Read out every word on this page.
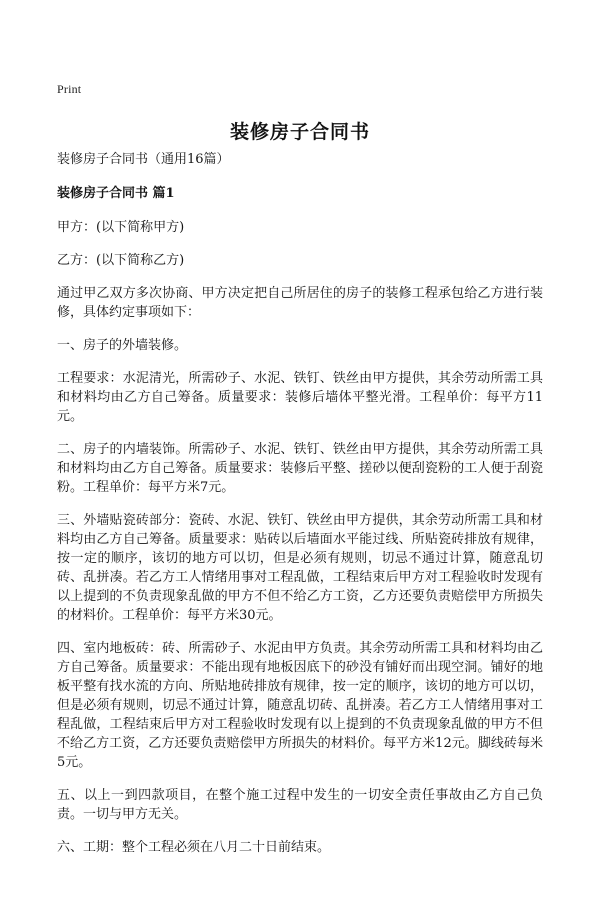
Print
装修房子合同书

装修房子合同书（通用16篇）

装修房子合同书 篇1

甲方：(以下简称甲方)

乙方：(以下简称乙方)

通过甲乙双方多次协商、甲方决定把自己所居住的房子的装修工程承包给乙方进行装修，具体约定事项如下：

一、房子的外墙装修。

工程要求：水泥清光，所需砂子、水泥、铁钉、铁丝由甲方提供，其余劳动所需工具和材料均由乙方自己筹备。质量要求：装修后墙体平整光滑。工程单价：每平方11元。

二、房子的内墙装饰。所需砂子、水泥、铁钉、铁丝由甲方提供，其余劳动所需工具和材料均由乙方自己筹备。质量要求：装修后平整、搓砂以便刮瓷粉的工人便于刮瓷粉。工程单价：每平方米7元。

三、外墙贴瓷砖部分：瓷砖、水泥、铁钉、铁丝由甲方提供，其余劳动所需工具和材料均由乙方自己筹备。质量要求：贴砖以后墙面水平能过线、所贴瓷砖排放有规律，按一定的顺序，该切的地方可以切，但是必须有规则，切忌不通过计算，随意乱切砖、乱拼凑。若乙方工人情绪用事对工程乱做，工程结束后甲方对工程验收时发现有以上提到的不负责现象乱做的甲方不但不给乙方工资，乙方还要负责赔偿甲方所损失的材料价。工程单价：每平方米30元。

四、室内地板砖：砖、所需砂子、水泥由甲方负责。其余劳动所需工具和材料均由乙方自己筹备。质量要求：不能出现有地板因底下的砂没有铺好而出现空洞。铺好的地板平整有找水流的方向、所贴地砖排放有规律，按一定的顺序，该切的地方可以切，但是必须有规则，切忌不通过计算，随意乱切砖、乱拼凑。若乙方工人情绪用事对工程乱做，工程结束后甲方对工程验收时发现有以上提到的不负责现象乱做的甲方不但不给乙方工资，乙方还要负责赔偿甲方所损失的材料价。每平方米12元。脚线砖每米5元。

五、以上一到四款项目，在整个施工过程中发生的一切安全责任事故由乙方自己负责。一切与甲方无关。

六、工期：整个工程必须在八月二十日前结束。
